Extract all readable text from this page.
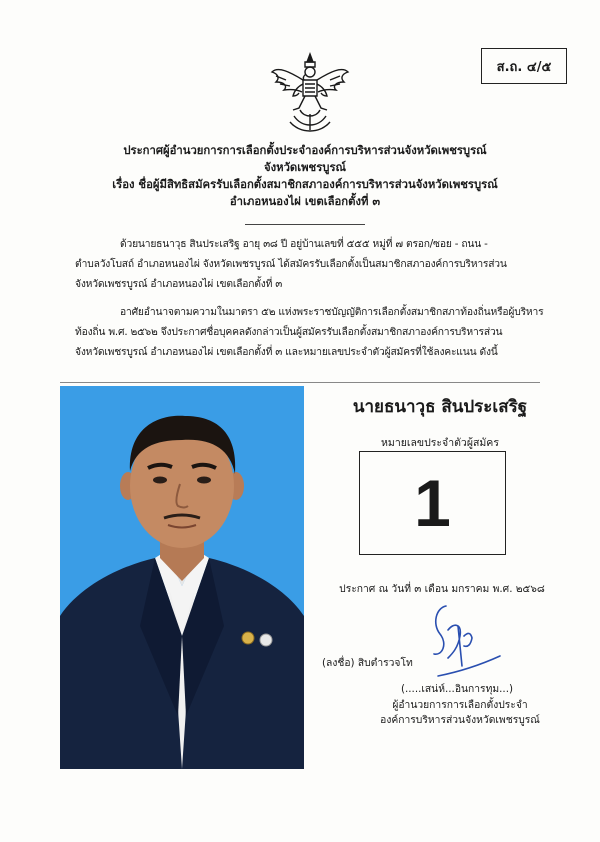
ส.ถ. ๔/๕
ประกาศผู้อำนวยการการเลือกตั้งประจำองค์การบริหารส่วนจังหวัดเพชรบูรณ์
จังหวัดเพชรบูรณ์
เรื่อง ชื่อผู้มีสิทธิสมัครรับเลือกตั้งสมาชิกสภาองค์การบริหารส่วนจังหวัดเพชรบูรณ์
อำเภอหนองไผ่ เขตเลือกตั้งที่ ๓
ด้วยนายธนาวุธ สินประเสริฐ อายุ ๓๘ ปี อยู่บ้านเลขที่ ๕๕๕ หมู่ที่ ๗ ตรอก/ซอย - ถนน -
ตำบลวังโบสถ์ อำเภอหนองไผ่ จังหวัดเพชรบูรณ์ ได้สมัครรับเลือกตั้งเป็นสมาชิกสภาองค์การบริหารส่วน
จังหวัดเพชรบูรณ์ อำเภอหนองไผ่ เขตเลือกตั้งที่ ๓
อาศัยอำนาจตามความในมาตรา ๕๒ แห่งพระราชบัญญัติการเลือกตั้งสมาชิกสภาท้องถิ่นหรือผู้บริหาร
ท้องถิ่น พ.ศ. ๒๕๖๒ จึงประกาศชื่อบุคคลดังกล่าวเป็นผู้สมัครรับเลือกตั้งสมาชิกสภาองค์การบริหารส่วน
จังหวัดเพชรบูรณ์ อำเภอหนองไผ่ เขตเลือกตั้งที่ ๓ และหมายเลขประจำตัวผู้สมัครที่ใช้ลงคะแนน ดังนี้
นายธนาวุธ สินประเสริฐ
หมายเลขประจำตัวผู้สมัคร
1
ประกาศ ณ วันที่ ๓ เดือน มกราคม พ.ศ. ๒๕๖๘
(ลงชื่อ) สิบตำรวจโท
(.....เสน่ห์...อินการทุม...)
ผู้อำนวยการการเลือกตั้งประจำ
องค์การบริหารส่วนจังหวัดเพชรบูรณ์
